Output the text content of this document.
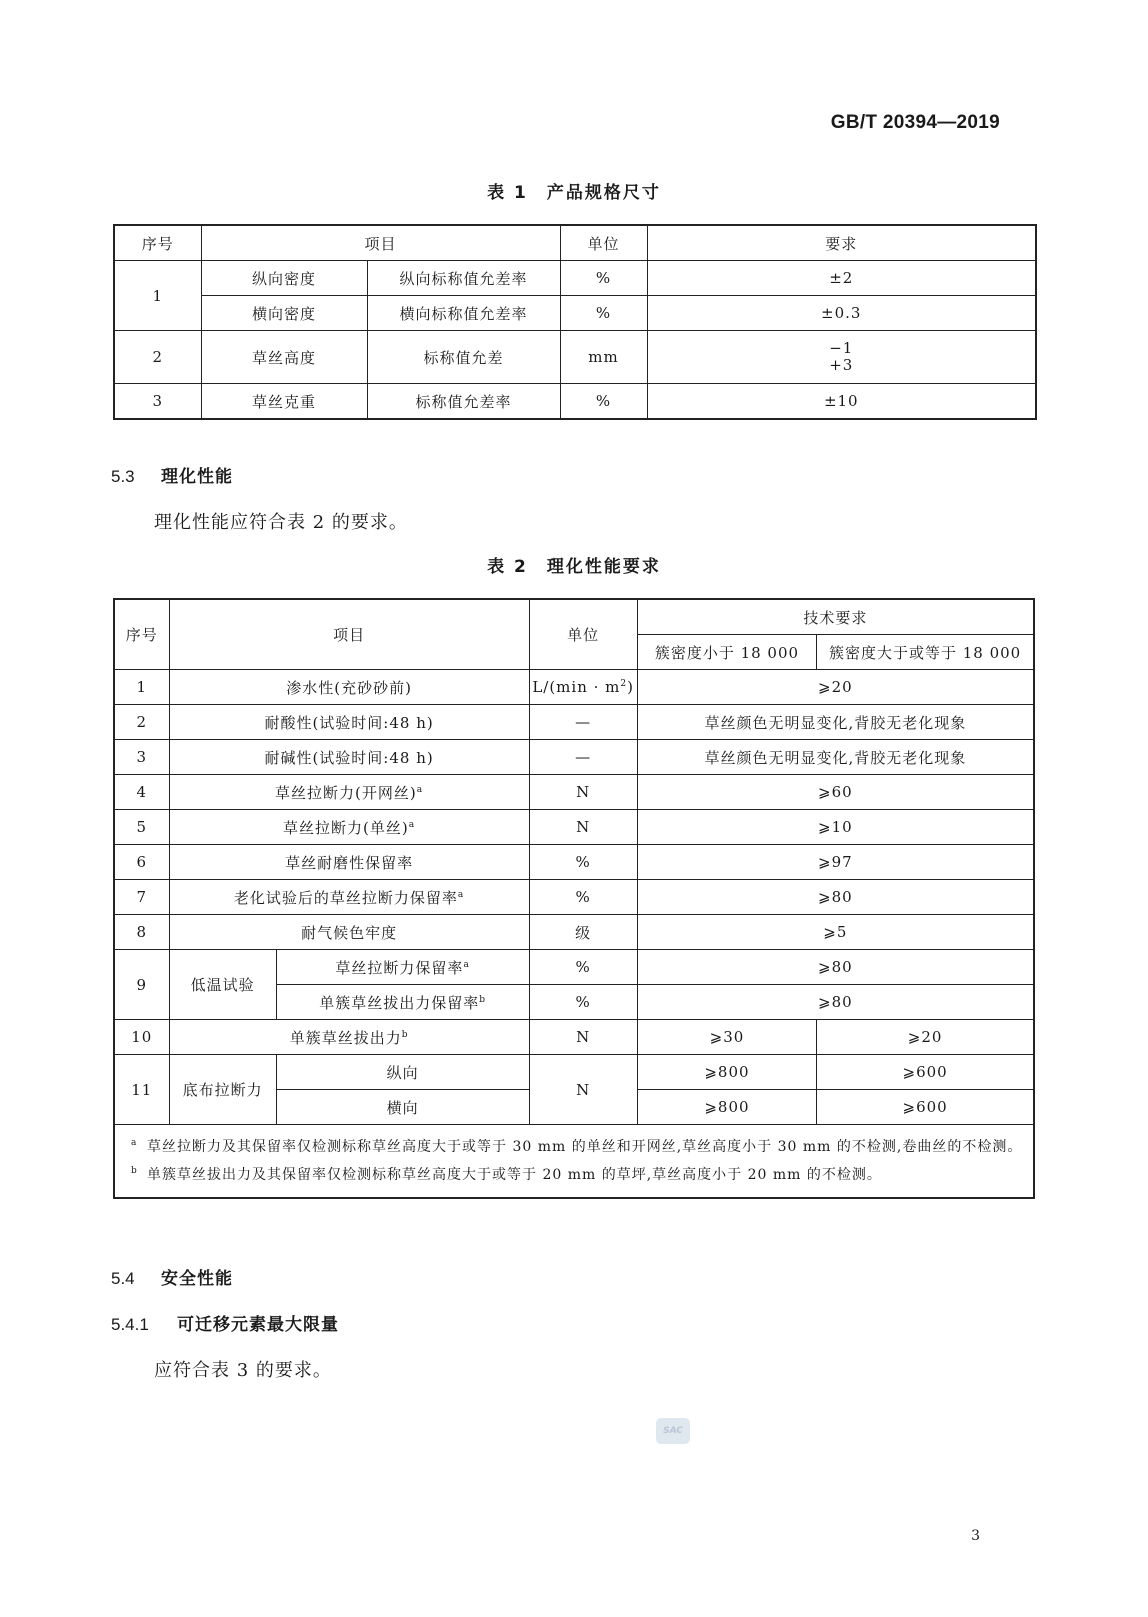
GB/T 20394—2019
表 1　产品规格尺寸
序号	项目		单位	要求
1	纵向密度	纵向标称值允差率	%	±2
	横向密度	横向标称值允差率	%	±0.3
2	草丝高度	标称值允差	mm	−1
+3

3	草丝克重	标称值允差率	%	±10
5.3 理化性能
理化性能应符合表 2 的要求。
表 2　理化性能要求
序号	项目		单位	技术要求	
				簇密度小于 18 000	簇密度大于或等于 18 000
1	渗水性(充砂砂前)		$L/(\min \cdot m^2)$	⩾20	
2	耐酸性(试验时间:48 h)		—	草丝颜色无明显变化,背胶无老化现象	
3	耐碱性(试验时间:48 h)		—	草丝颜色无明显变化,背胶无老化现象	
4	草丝拉断力(开网丝)$^a$		N	⩾60	
5	草丝拉断力(单丝)$^a$		N	⩾10	
6	草丝耐磨性保留率		%	⩾97	
7	老化试验后的草丝拉断力保留率$^a$		%	⩾80	
8	耐气候色牢度		级	⩾5	
9	低温试验	草丝拉断力保留率$^a$	%	⩾80	
		单簇草丝拔出力保留率$^b$	%	⩾80	
10	单簇草丝拔出力$^b$		N	⩾30	⩾20
11	底布拉断力	纵向	N	⩾800	⩾600
		横向		⩾800	⩾600

a 草丝拉断力及其保留率仅检测标称草丝高度大于或等于 30 mm 的单丝和开网丝,草丝高度小于 30 mm 的不检测,卷曲丝的不检测。
b 单簇草丝拔出力及其保留率仅检测标称草丝高度大于或等于 20 mm 的草坪,草丝高度小于 20 mm 的不检测。					
5.4 安全性能
5.4.1 可迁移元素最大限量
应符合表 3 的要求。
SAC
3
